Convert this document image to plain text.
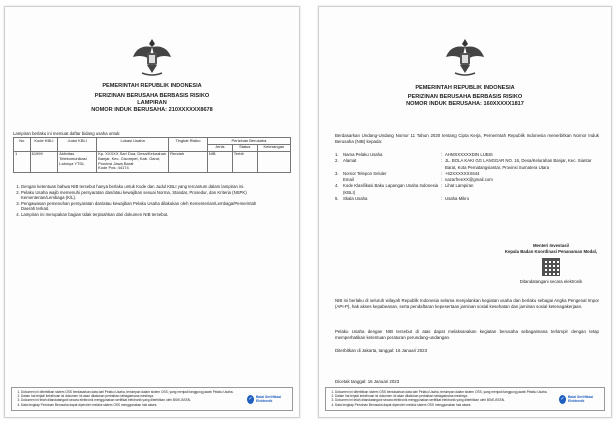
PEMERINTAH REPUBLIK INDONESIA
PERIZINAN BERUSAHA BERBASIS RISIKO
LAMPIRAN
NOMOR INDUK BERUSAHA: 210XXXXXX8678
Lampiran berlaku ini memuat daftar bidang usaha untuk:
No	Kode KBLI	Judul KBLI	Lokasi Usaha	Tingkat Risiko	Perizinan Berusaha		
					Jenis	Status	Keterangan
1	61999	Aktivitas Telekomunikasi Lainnya YTDL	Kp. XXXXX Sari Dua, Desa/Kelurahan Banjar, Kec. Cisompet, Kab. Garut, Provinsi Jawa Barat
Kode Pos: 44174	Rendah	NIB	Terbit	
1. Dengan ketentuan bahwa NIB tersebut hanya berlaku untuk Kode dan Judul KBLI yang tercantum dalam lampiran ini.
2. Pelaku Usaha wajib memenuhi persyaratan dan/atau kewajiban sesuai Norma, Standar, Prosedur, dan Kriteria (NSPK) Kementerian/Lembaga (K/L).
3. Pengawasan pemenuhan persyaratan dan/atau kewajiban Pelaku Usaha dilakukan oleh Kementerian/Lembaga/Pemerintah Daerah terkait.
4. Lampiran ini merupakan bagian tidak terpisahkan dari dokumen NIB tersebut.
1. Dokumen ini diterbitkan sistem OSS berdasarkan data dari Pelaku Usaha, tersimpan dalam sistem OSS, yang menjadi tanggung jawab Pelaku Usaha.
2. Dalam hal terjadi kekeliruan isi dokumen ini akan dilakukan perbaikan sebagaimana mestinya.
3. Dokumen ini telah ditandatangani secara elektronik menggunakan sertifikat elektronik yang diterbitkan oleh BSrE-BSSN.
4. Data lengkap Perizinan Berusaha dapat diperoleh melalui sistem OSS menggunakan hak akses.
✓ Balai Sertifikasi Elektronik
PEMERINTAH REPUBLIK INDONESIA
PERIZINAN BERUSAHA BERBASIS RISIKO
NOMOR INDUK BERUSAHA: 160XXXXX1817

Berdasarkan Undang-Undang Nomor 11 Tahun 2020 tentang Cipta Kerja, Pemerintah Republik Indonesia menerbitkan Nomor Induk Berusaha (NIB) kepada:

1.	Nama Pelaku Usaha	: AHMXXXXXXDIN LUBIS
2.	Alamat	: JL. BOLA KAKI GG LANGGAR NO. 16, Desa/Kelurahan Banjar, Kec. Siantar Barat, Kota Pematangsiantar, Provinsi Sumatera Utara
3.	Nomor Telepon Seluler	: +62XXXXXXX644
Email	: nazarfreeXX@gmail.com
4.	Kode Klasifikasi Baku Lapangan Usaha Indonesia (KBLI)
: Lihat Lampiran
5.	Skala Usaha	: Usaha Mikro

NIB ini berlaku di seluruh wilayah Republik Indonesia selama menjalankan kegiatan usaha dan berlaku sebagai Angka Pengenal Impor (API-P), hak akses kepabeanan, serta pendaftaran kepesertaan jaminan sosial kesehatan dan jaminan sosial ketenagakerjaan.

Pelaku Usaha dengan NIB tersebut di atas dapat melaksanakan kegiatan berusaha sebagaimana terlampir dengan tetap memperhatikan ketentuan peraturan perundang-undangan.

Diterbitkan di Jakarta, tanggal: 16 Januari 2023
Menteri Investasi/
Kepala Badan Koordinasi Penanaman Modal,
Ditandatangani secara elektronik
Dicetak tanggal: 16 Januari 2023
1. Dokumen ini diterbitkan sistem OSS berdasarkan data dari Pelaku Usaha, tersimpan dalam sistem OSS, yang menjadi tanggung jawab Pelaku Usaha.
2. Dalam hal terjadi kekeliruan isi dokumen ini akan dilakukan perbaikan sebagaimana mestinya.
3. Dokumen ini telah ditandatangani secara elektronik menggunakan sertifikat elektronik yang diterbitkan oleh BSrE-BSSN.
4. Data lengkap Perizinan Berusaha dapat diperoleh melalui sistem OSS menggunakan hak akses.
✓ Balai Sertifikasi Elektronik
